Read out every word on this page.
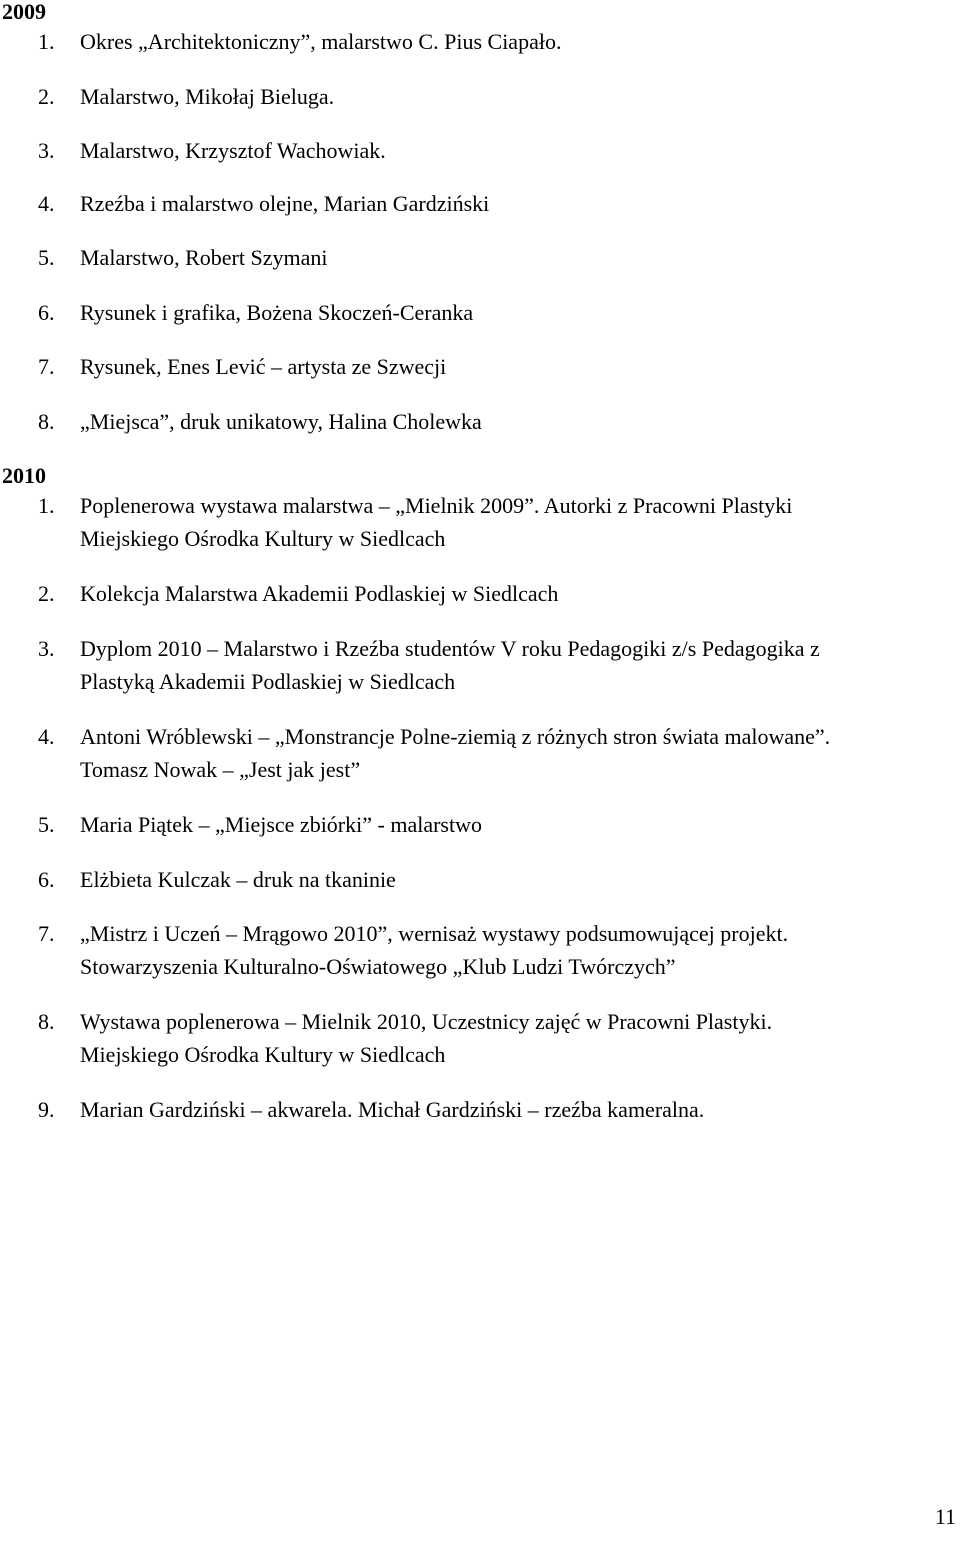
2009
1.	Okres „Architektoniczny”, malarstwo C. Pius Ciapało.
2.	Malarstwo, Mikołaj Bieluga.
3.	Malarstwo, Krzysztof Wachowiak.
4.	Rzeźba i malarstwo olejne, Marian Gardziński
5.	Malarstwo, Robert Szymani
6.	Rysunek i grafika, Bożena Skoczeń-Ceranka
7.	Rysunek, Enes Lević – artysta ze Szwecji
8.	„Miejsca”, druk unikatowy, Halina Cholewka
2010
1.	Poplenerowa wystawa malarstwa – „Mielnik 2009”. Autorki z Pracowni Plastyki
Miejskiego Ośrodka Kultury w Siedlcach
2.	Kolekcja Malarstwa Akademii Podlaskiej w Siedlcach
3.	Dyplom 2010 – Malarstwo i Rzeźba studentów V roku Pedagogiki z/s Pedagogika z
Plastyką Akademii Podlaskiej w Siedlcach
4.	Antoni Wróblewski – „Monstrancje Polne-ziemią z różnych stron świata malowane”.
Tomasz Nowak – „Jest jak jest”
5.	Maria Piątek – „Miejsce zbiórki” - malarstwo
6.	Elżbieta Kulczak – druk na tkaninie
7.	„Mistrz i Uczeń – Mrągowo 2010”, wernisaż wystawy podsumowującej projekt.
Stowarzyszenia Kulturalno-Oświatowego „Klub Ludzi Twórczych”
8.	Wystawa poplenerowa – Mielnik 2010, Uczestnicy zajęć w Pracowni Plastyki.
Miejskiego Ośrodka Kultury w Siedlcach
9.	Marian Gardziński – akwarela. Michał Gardziński – rzeźba kameralna.
11
